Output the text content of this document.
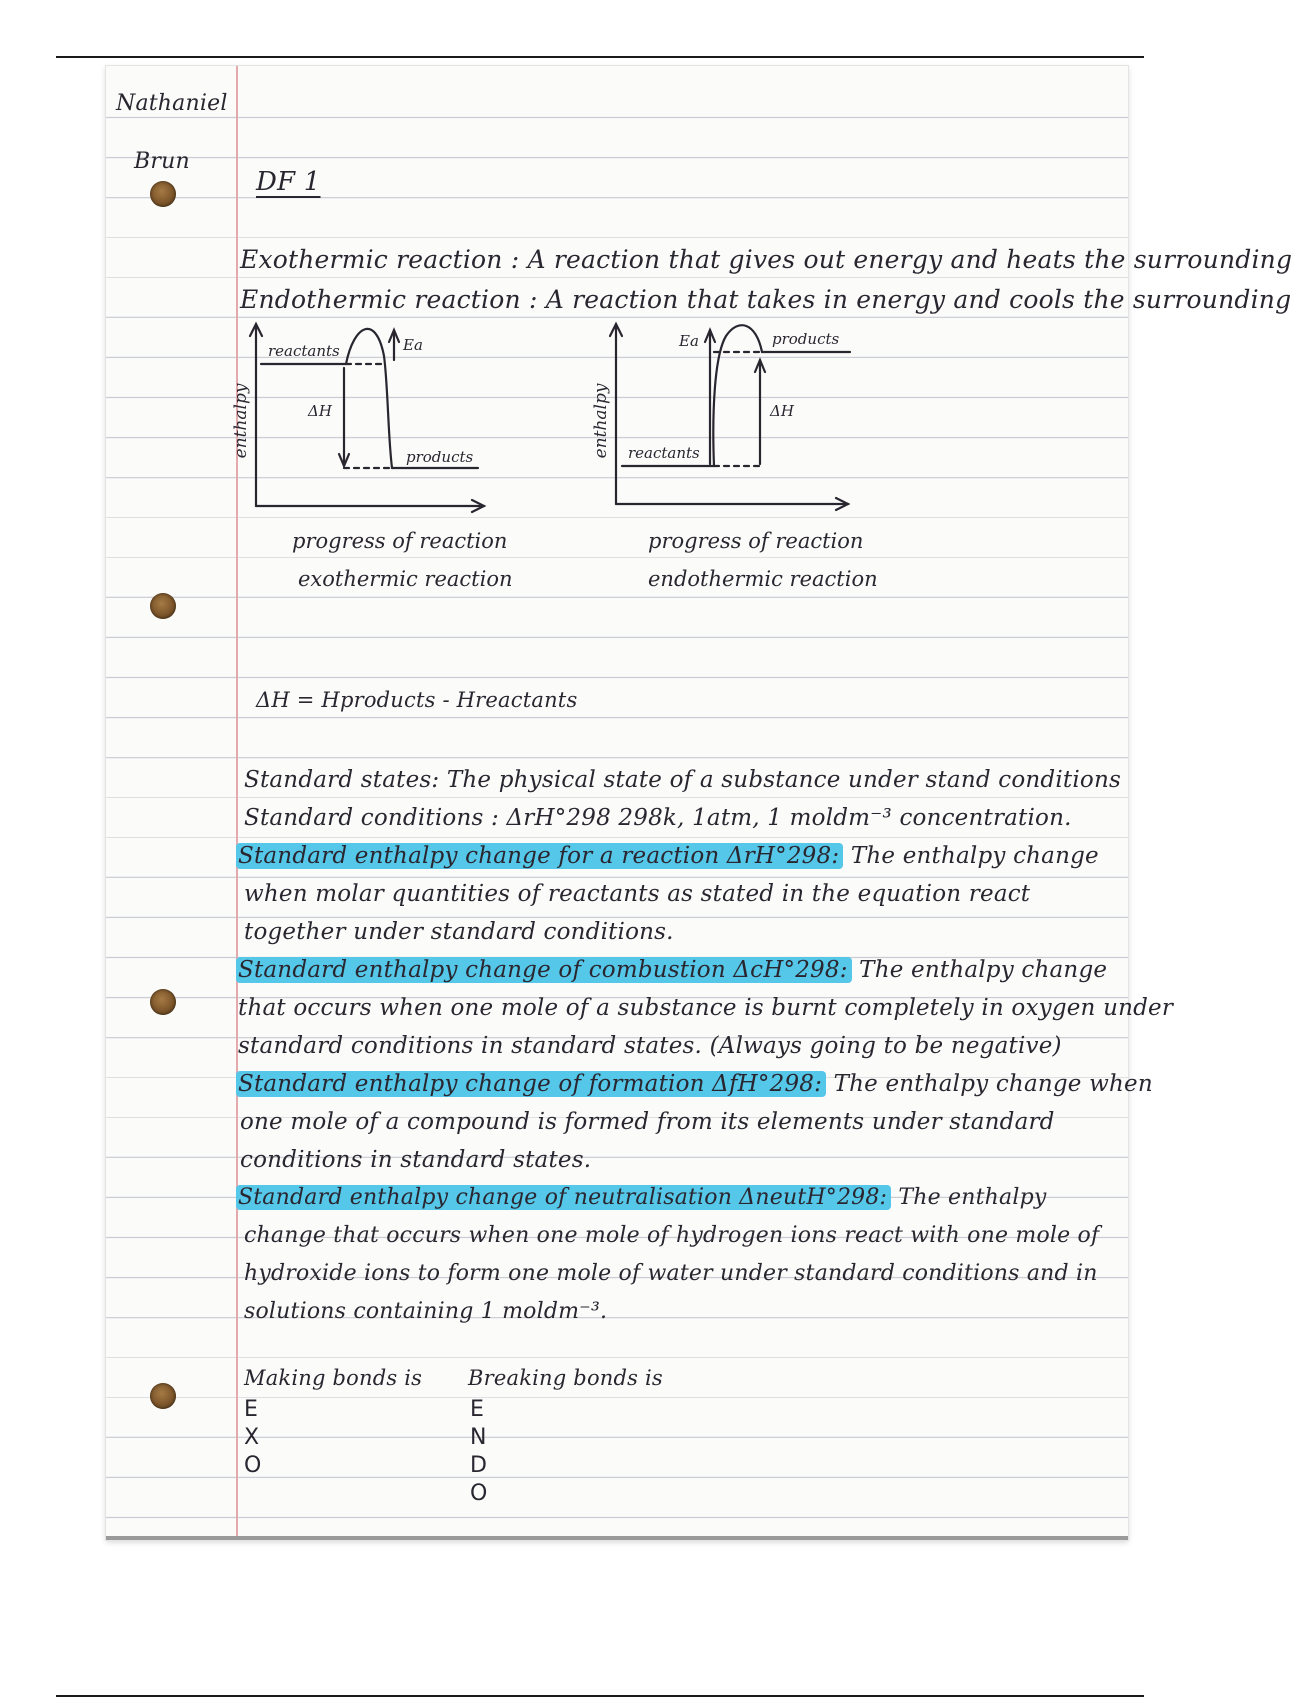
Nathaniel
Brun
DF 1
Exothermic reaction : A reaction that gives out energy and heats the surrounding
Endothermic reaction : A reaction that takes in energy and cools the surrounding
enthalpy
reactants
products
Ea
ΔH
progress of reaction
exothermic reaction
enthalpy reactants
products
Ea
ΔH
progress of reaction
endothermic reaction
ΔH = Hproducts - Hreactants
Standard states: The physical state of a substance under stand conditions
Standard conditions : ΔrH°298 298k, 1atm, 1 moldm⁻³ concentration.
Standard enthalpy change for a reaction ΔrH°298: The enthalpy change
when molar quantities of reactants as stated in the equation react
together under standard conditions.
Standard enthalpy change of combustion ΔcH°298: The enthalpy change
that occurs when one mole of a substance is burnt completely in oxygen under
standard conditions in standard states. (Always going to be negative)
Standard enthalpy change of formation ΔfH°298: The enthalpy change when
one mole of a compound is formed from its elements under standard
conditions in standard states.
Standard enthalpy change of neutralisation ΔneutH°298: The enthalpy
change that occurs when one mole of hydrogen ions react with one mole of
hydroxide ions to form one mole of water under standard conditions and in
solutions containing 1 moldm⁻³.
Making bonds is
E
X
O
Breaking bonds is
E
N
D
O
